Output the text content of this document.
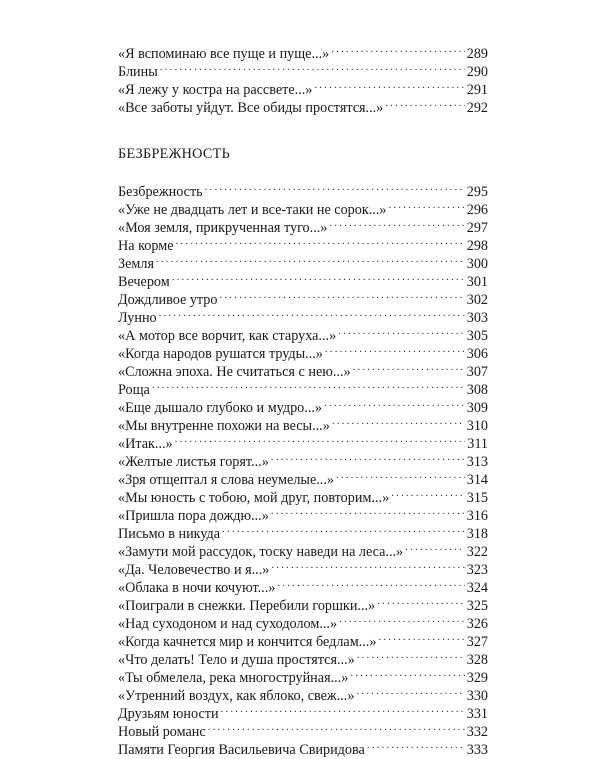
«Я вспоминаю все пуще и пуще...» . . .	289
Блины . . .	290
«Я лежу у костра на рассвете...» . . .	291
«Все заботы уйдут. Все обиды простятся...» . . .	292
БЕЗБРЕЖНОСТЬ
Безбрежность . . .	295
«Уже не двадцать лет и все-таки не сорок...» . . .	296
«Моя земля, прикрученная туго...» . . .	297
На корме . . .	298
Земля . . .	300
Вечером . . .	301
Дождливое утро . . .	302
Лунно . . .	303
«А мотор все ворчит, как старуха...» . . .	305
«Когда народов рушатся труды...» . . .	306
«Сложна эпоха. Не считаться с нею...» . . .	307
Роща . . .	308
«Еще дышало глубоко и мудро...» . . .	309
«Мы внутренне похожи на весы...» . . .	310
«Итак...» . . .	311
«Желтые листья горят...» . . .	313
«Зря отщептал я слова неумелые...» . . .	314
«Мы юность с тобою, мой друг, повторим...» . . .	315
«Пришла пора дождю...» . . .	316
Письмо в никуда . . .	318
«Замути мой рассудок, тоску наведи на леса...» . . .	322
«Да. Человечество и я...» . . .	323
«Облака в ночи кочуют...» . . .	324
«Поиграли в снежки. Перебили горшки...» . . .	325
«Над суходоном и над суходолом...» . . .	326
«Когда качнется мир и кончится бедлам...» . . .	327
«Что делать! Тело и душа простятся...» . . .	328
«Ты обмелела, река многоструйная...» . . .	329
«Утренний воздух, как яблоко, свеж...» . . .	330
Друзьям юности . . .	331
Новый романс . . .	332
Памяти Георгия Васильевича Свиридова . . .	333
